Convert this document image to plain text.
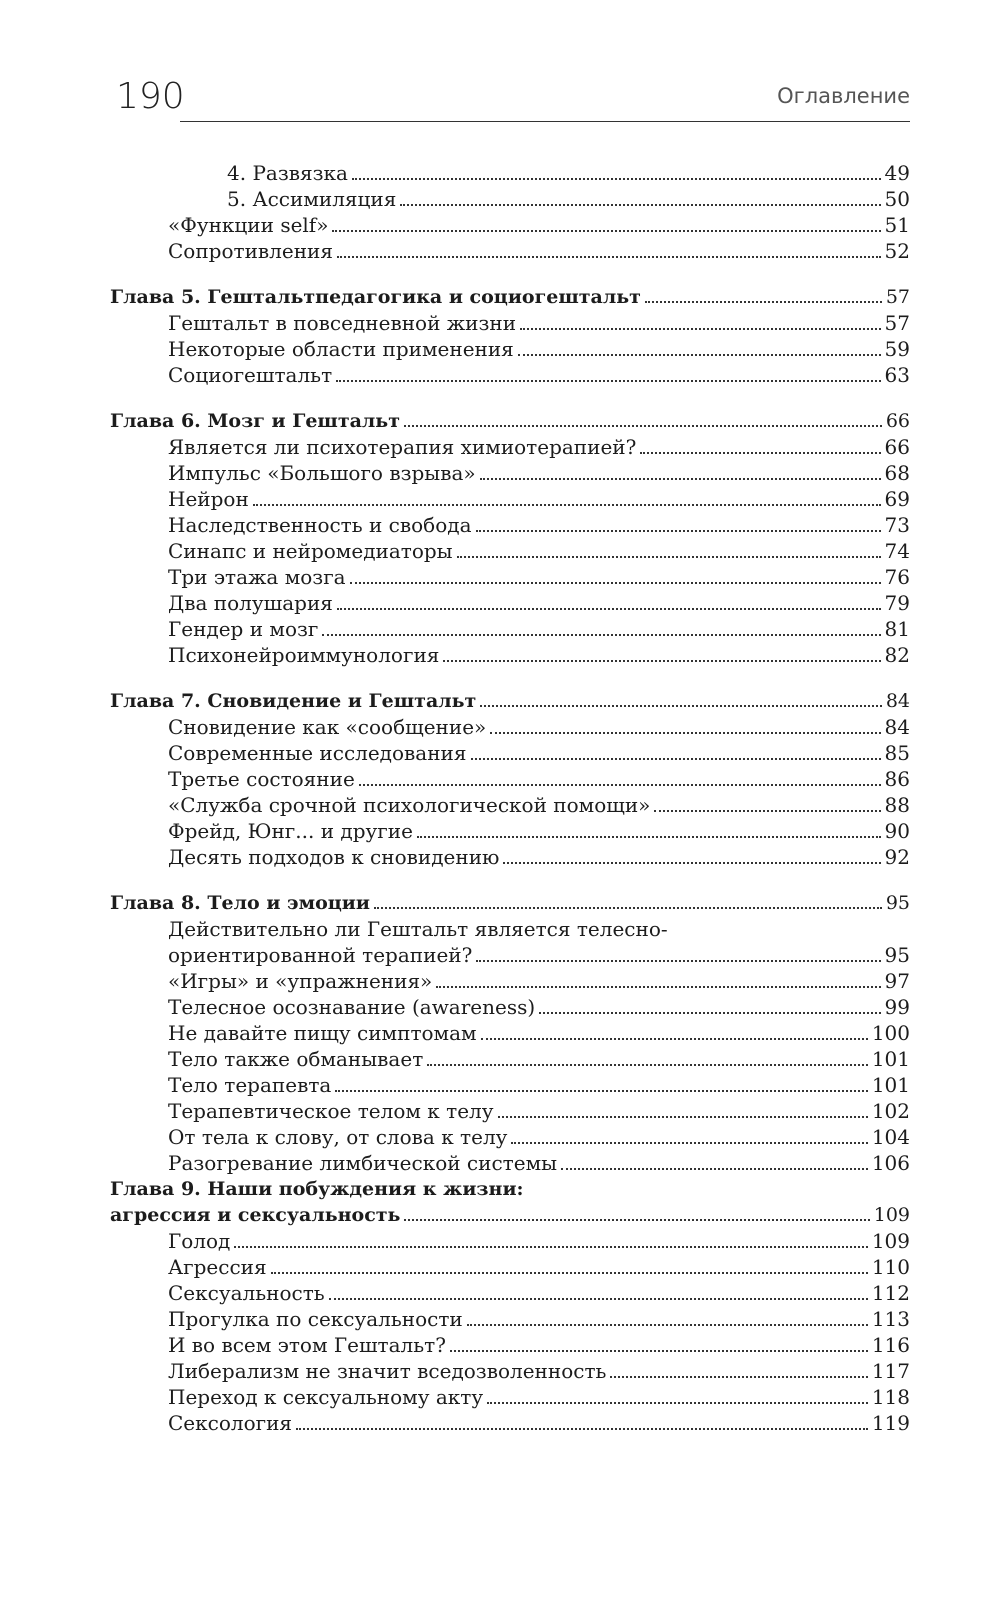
190	Оглавление
4. Развязка	49
5. Ассимиляция	50
«Функции self»	51
Сопротивления	52
Глава 5. Гештальтпедагогика и социогештальт	57
Гештальт в повседневной жизни	57
Некоторые области применения	59
Социогештальт	63
Глава 6. Мозг и Гештальт	66
Является ли психотерапия химиотерапией?	66
Импульс «Большого взрыва»	68
Нейрон	69
Наследственность и свобода	73
Синапс и нейромедиаторы	74
Три этажа мозга	76
Два полушария	79
Гендер и мозг	81
Психонейроиммунология	82
Глава 7. Сновидение и Гештальт	84
Сновидение как «сообщение»	84
Современные исследования	85
Третье состояние	86
«Служба срочной психологической помощи»	88
Фрейд, Юнг... и другие	90
Десять подходов к сновидению	92
Глава 8. Тело и эмоции	95
Действительно ли Гештальт является телесно-
ориентированной терапией?	95
«Игры» и «упражнения»	97
Телесное осознавание (awareness)	99
Не давайте пищу симптомам	100
Тело также обманывает	101
Тело терапевта	101
Терапевтическое телом к телу	102
От тела к слову, от слова к телу	104
Разогревание лимбической системы	106
Глава 9. Наши побуждения к жизни:
агрессия и сексуальность	109
Голод	109
Агрессия	110
Сексуальность	112
Прогулка по сексуальности	113
И во всем этом Гештальт?	116
Либерализм не значит вседозволенность	117
Переход к сексуальному акту	118
Сексология	119
